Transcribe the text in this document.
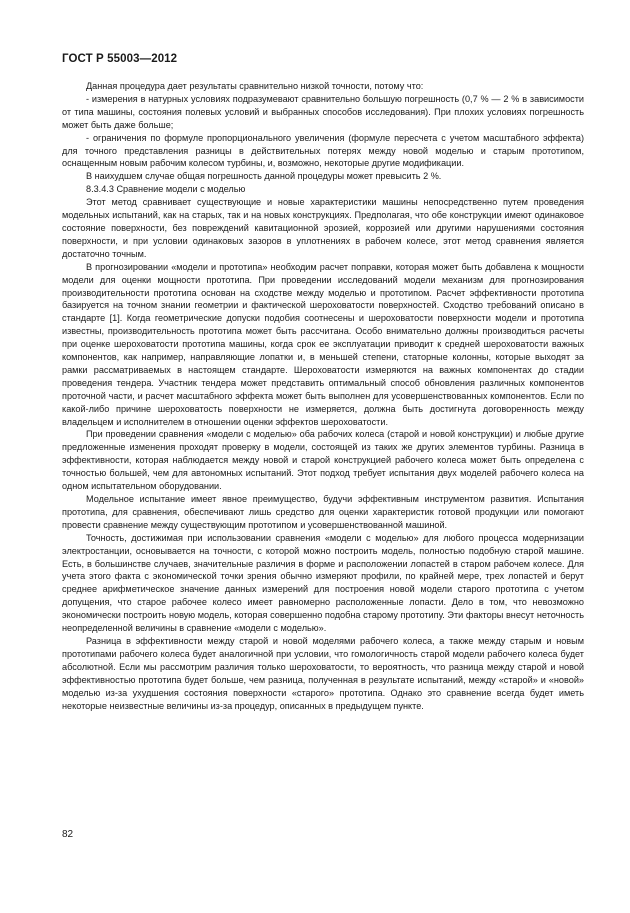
ГОСТ Р 55003—2012

Данная процедура дает результаты сравнительно низкой точности, потому что:

- измерения в натурных условиях подразумевают сравнительно большую погрешность (0,7 % — 2 % в зависимости от типа машины, состояния полевых условий и выбранных способов исследования). При плохих условиях погрешность может быть даже больше;

- ограничения по формуле пропорционального увеличения (формуле пересчета с учетом масштабного эффекта) для точного представления разницы в действительных потерях между новой моделью и старым прототипом, оснащенным новым рабочим колесом турбины, и, возможно, некоторые другие модификации.

В наихудшем случае общая погрешность данной процедуры может превысить 2 %.

8.3.4.3 Сравнение модели с моделью

Этот метод сравнивает существующие и новые характеристики машины непосредственно путем проведения модельных испытаний, как на старых, так и на новых конструкциях. Предполагая, что обе конструкции имеют одинаковое состояние поверхности, без повреждений кавитационной эрозией, коррозией или другими нарушениями состояния поверхности, и при условии одинаковых зазоров в уплотнениях в рабочем колесе, этот метод сравнения является достаточно точным.

В прогнозировании «модели и прототипа» необходим расчет поправки, которая может быть добавлена к мощности модели для оценки мощности прототипа. При проведении исследований модели механизм для прогнозирования производительности прототипа основан на сходстве между моделью и прототипом. Расчет эффективности прототипа базируется на точном знании геометрии и фактической шероховатости поверхностей. Сходство требований описано в стандарте [1]. Когда геометрические допуски подобия соотнесены и шероховатости поверхности модели и прототипа известны, производительность прототипа может быть рассчитана. Особо внимательно должны производиться расчеты при оценке шероховатости прототипа машины, когда срок ее эксплуатации приводит к средней шероховатости важных компонентов, как например, направляющие лопатки и, в меньшей степени, статорные колонны, которые выходят за рамки рассматриваемых в настоящем стандарте. Шероховатости измеряются на важных компонентах до стадии проведения тендера. Участник тендера может представить оптимальный способ обновления различных компонентов проточной части, и расчет масштабного эффекта может быть выполнен для усовершенствованных компонентов. Если по какой-либо причине шероховатость поверхности не измеряется, должна быть достигнута договоренность между владельцем и исполнителем в отношении оценки эффектов шероховатости.

При проведении сравнения «модели с моделью» оба рабочих колеса (старой и новой конструкции) и любые другие предложенные изменения проходят проверку в модели, состоящей из таких же других элементов турбины. Разница в эффективности, которая наблюдается между новой и старой конструкцией рабочего колеса может быть определена с точностью большей, чем для автономных испытаний. Этот подход требует испытания двух моделей рабочего колеса на одном испытательном оборудовании.

Модельное испытание имеет явное преимущество, будучи эффективным инструментом развития. Испытания прототипа, для сравнения, обеспечивают лишь средство для оценки характеристик готовой продукции или помогают провести сравнение между существующим прототипом и усовершенствованной машиной.

Точность, достижимая при использовании сравнения «модели с моделью» для любого процесса модернизации электростанции, основывается на точности, с которой можно построить модель, полностью подобную старой машине. Есть, в большинстве случаев, значительные различия в форме и расположении лопастей в старом рабочем колесе. Для учета этого факта с экономической точки зрения обычно измеряют профили, по крайней мере, трех лопастей и берут среднее арифметическое значение данных измерений для построения новой модели старого прототипа с учетом допущения, что старое рабочее колесо имеет равномерно расположенные лопасти. Дело в том, что невозможно экономически построить новую модель, которая совершенно подобна старому прототипу. Эти факторы внесут неточность неопределенной величины в сравнение «модели с моделью».

Разница в эффективности между старой и новой моделями рабочего колеса, а также между старым и новым прототипами рабочего колеса будет аналогичной при условии, что гомологичность старой модели рабочего колеса будет абсолютной. Если мы рассмотрим различия только шероховатости, то вероятность, что разница между старой и новой эффективностью прототипа будет больше, чем разница, полученная в результате испытаний, между «старой» и «новой» моделью из-за ухудшения состояния поверхности «старого» прототипа. Однако это сравнение всегда будет иметь некоторые неизвестные величины из-за процедур, описанных в предыдущем пункте.

82
